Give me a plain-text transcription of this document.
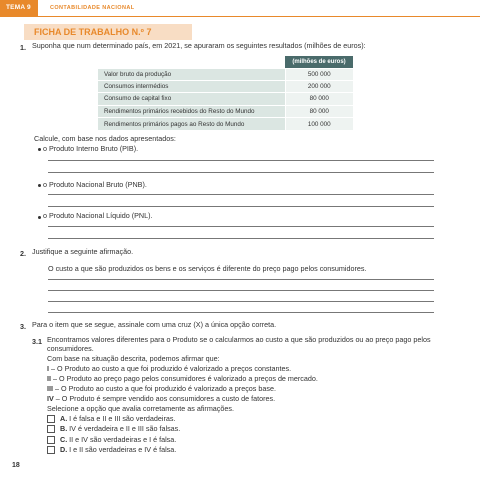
TEMA 9	CONTABILIDADE NACIONAL
FICHA DE TRABALHO N.º 7
1. Suponha que num determinado país, em 2021, se apuraram os seguintes resultados (milhões de euros):
	(milhões de euros)
Valor bruto da produção	500 000
Consumos intermédios	200 000
Consumo de capital fixo	80 000
Rendimentos primários recebidos do Resto do Mundo	80 000
Rendimentos primários pagos ao Resto do Mundo	100 000
Calcule, com base nos dados apresentados:
o Produto Interno Bruto (PIB).
o Produto Nacional Bruto (PNB).
o Produto Nacional Líquido (PNL).
2. Justifique a seguinte afirmação.
O custo a que são produzidos os bens e os serviços é diferente do preço pago pelos consumidores.
3. Para o item que se segue, assinale com uma cruz (X) a única opção correta.
3.1 Encontramos valores diferentes para o Produto se o calcularmos ao custo a que são produzidos ou ao preço pago pelos
consumidores.
Com base na situação descrita, podemos afirmar que:
I – O Produto ao custo a que foi produzido é valorizado a preços constantes.
II – O Produto ao preço pago pelos consumidores é valorizado a preços de mercado.
III – O Produto ao custo a que foi produzido é valorizado a preços base.
IV – O Produto é sempre vendido aos consumidores a custo de fatores.
Selecione a opção que avalia corretamente as afirmações.
A. I é falsa e II e III são verdadeiras.
B. IV é verdadeira e II e III são falsas.
C. II e IV são verdadeiras e I é falsa.
D. I e II são verdadeiras e IV é falsa.
18
